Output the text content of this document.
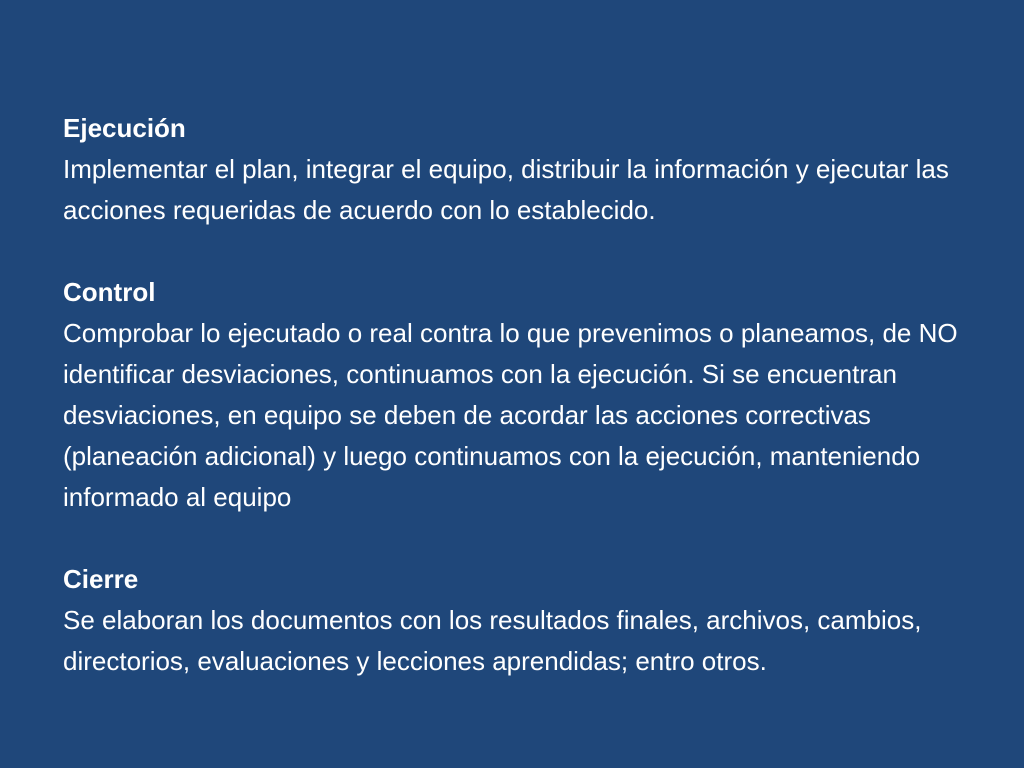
Ejecución
Implementar el plan, integrar el equipo, distribuir la información y ejecutar las acciones requeridas de acuerdo con lo establecido.
Control
Comprobar lo ejecutado o real contra lo que prevenimos o planeamos, de NO identificar desviaciones, continuamos con la ejecución. Si se encuentran desviaciones, en equipo se deben de acordar las acciones correctivas (planeación adicional) y luego continuamos con la ejecución, manteniendo informado al equipo
Cierre
Se elaboran los documentos con los resultados finales, archivos, cambios, directorios, evaluaciones y lecciones aprendidas; entro otros.
